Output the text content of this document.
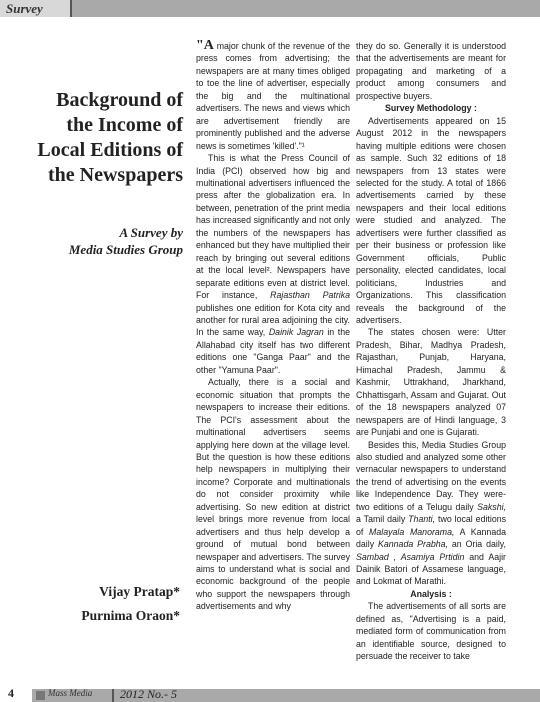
Survey
Background of
the Income of
Local Editions of
the Newspapers
A Survey by
Media Studies Group
Vijay Pratap*
Purnima Oraon*

"A major chunk of the revenue of the press comes from advertising; the newspapers are at many times obliged to toe the line of advertiser, especially the big and the multinational advertisers. The news and views which are advertisement friendly are prominently published and the adverse news is sometimes 'killed'."¹

This is what the Press Council of India (PCI) observed how big and multinational advertisers influenced the press after the globalization era. In between, penetration of the print media has increased significantly and not only the numbers of the newspapers has enhanced but they have multiplied their reach by bringing out several editions at the local level². Newspapers have separate editions even at district level. For instance, Rajasthan Patrika publishes one edition for Kota city and another for rural area adjoining the city. In the same way, Dainik Jagran in the Allahabad city itself has two different editions one "Ganga Paar" and the other "Yamuna Paar".

Actually, there is a social and economic situation that prompts the newspapers to increase their editions. The PCI's assessment about the multinational advertisers seems applying here down at the village level. But the question is how these editions help newspapers in multiplying their income? Corporate and multinationals do not consider proximity while advertising. So new edition at district level brings more revenue from local advertisers and thus help develop a ground of mutual bond between newspaper and advertisers. The survey aims to understand what is social and economic background of the people who support the newspapers through advertisements and why

they do so. Generally it is understood that the advertisements are meant for propagating and marketing of a product among consumers and prospective buyers.

Survey Methodology :

Advertisements appeared on 15 August 2012 in the newspapers having multiple editions were chosen as sample. Such 32 editions of 18 newspapers from 13 states were selected for the study. A total of 1866 advertisements carried by these newspapers and their local editions were studied and analyzed. The advertisers were further classified as per their business or profession like Government officials, Public personality, elected candidates, local politicians, Industries and Organizations. This classification reveals the background of the advertisers.

The states chosen were: Utter Pradesh, Bihar, Madhya Pradesh, Rajasthan, Punjab, Haryana, Himachal Pradesh, Jammu & Kashmir, Uttrakhand, Jharkhand, Chhattisgarh, Assam and Gujarat. Out of the 18 newspapers analyzed 07 newspapers are of Hindi language, 3 are Punjabi and one is Gujarati.

Besides this, Media Studies Group also studied and analyzed some other vernacular newspapers to understand the trend of advertising on the events like Independence Day. They were- two editions of a Telugu daily Sakshi, a Tamil daily Thanti, two local editions of Malayala Manorama, A Kannada daily Kannada Prabha, an Oria daily, Sambad , Asamiya Prtidin and Aajir Dainik Batori of Assamese language, and Lokmat of Marathi.

Analysis :

The advertisements of all sorts are defined as, "Advertising is a paid, mediated form of communication from an identifiable source, designed to persuade the receiver to take

4	Mass Media 2012 No.- 5
